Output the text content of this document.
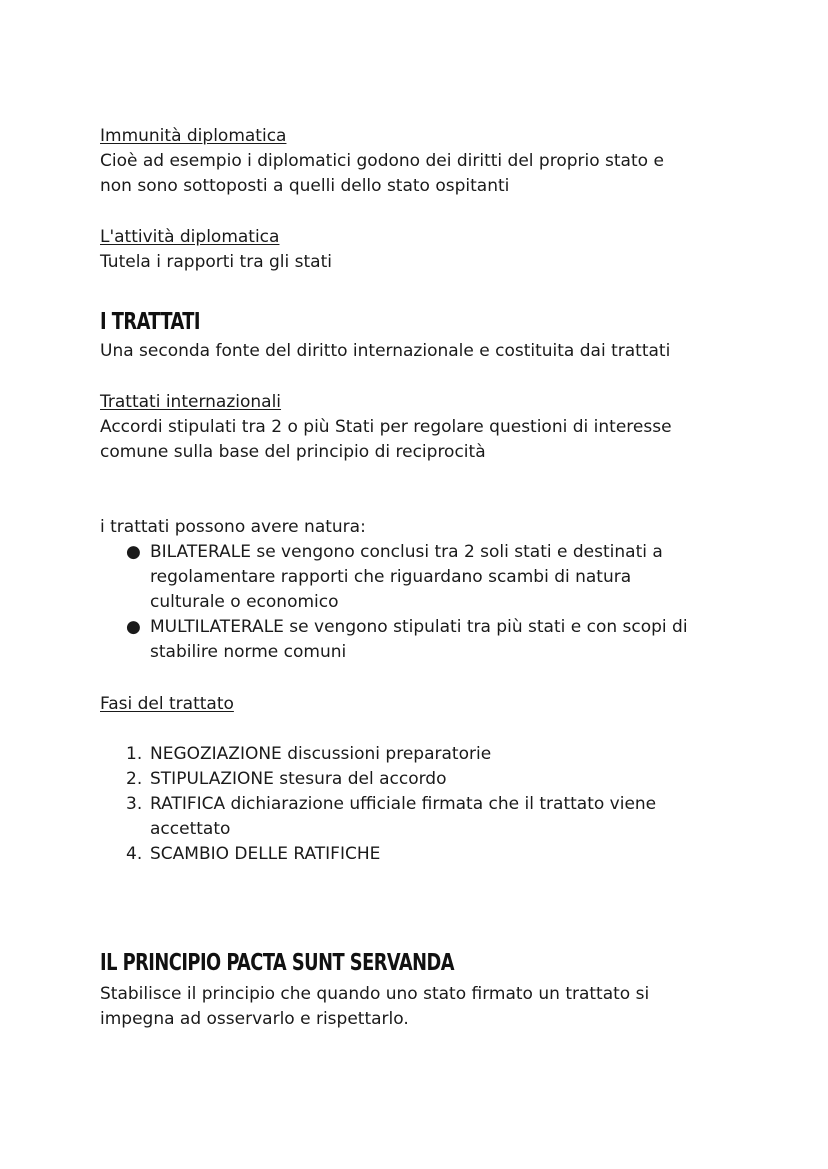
Immunità diplomatica
Cioè ad esempio i diplomatici godono dei diritti del proprio stato e
non sono sottoposti a quelli dello stato ospitanti
L'attività diplomatica
Tutela i rapporti tra gli stati
I TRATTATI
Una seconda fonte del diritto internazionale e costituita dai trattati
Trattati internazionali
Accordi stipulati tra 2 o più Stati per regolare questioni di interesse
comune sulla base del principio di reciprocità
i trattati possono avere natura:
● BILATERALE se vengono conclusi tra 2 soli stati e destinati a
regolamentare rapporti che riguardano scambi di natura
culturale o economico
● MULTILATERALE se vengono stipulati tra più stati e con scopi di
stabilire norme comuni
Fasi del trattato
1. NEGOZIAZIONE discussioni preparatorie
2. STIPULAZIONE stesura del accordo
3. RATIFICA dichiarazione ufficiale firmata che il trattato viene
accettato
4. SCAMBIO DELLE RATIFICHE
IL PRINCIPIO PACTA SUNT SERVANDA
Stabilisce il principio che quando uno stato firmato un trattato si
impegna ad osservarlo e rispettarlo.
